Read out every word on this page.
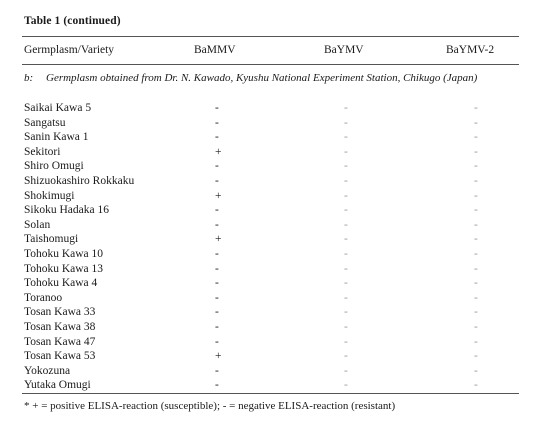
Table 1 (continued)
Germplasm/Variety	BaMMV	BaYMV	BaYMV-2
b: Germplasm obtained from Dr. N. Kawado, Kyushu National Experiment Station, Chikugo (Japan)
Saikai Kawa 5	-	-	-
Sangatsu	-	-	-
Sanin Kawa 1	-	-	-
Sekitori	+	-	-
Shiro Omugi	-	-	-
Shizuokashiro Rokkaku	-	-	-
Shokimugi	+	-	-
Sikoku Hadaka 16	-	-	-
Solan	-	-	-
Taishomugi	+	-	-
Tohoku Kawa 10	-	-	-
Tohoku Kawa 13	-	-	-
Tohoku Kawa 4	-	-	-
Toranoo	-	-	-
Tosan Kawa 33	-	-	-
Tosan Kawa 38	-	-	-
Tosan Kawa 47	-	-	-
Tosan Kawa 53	+	-	-
Yokozuna	-	-	-
Yutaka Omugi	-	-	-
* + = positive ELISA-reaction (susceptible); - = negative ELISA-reaction (resistant)
